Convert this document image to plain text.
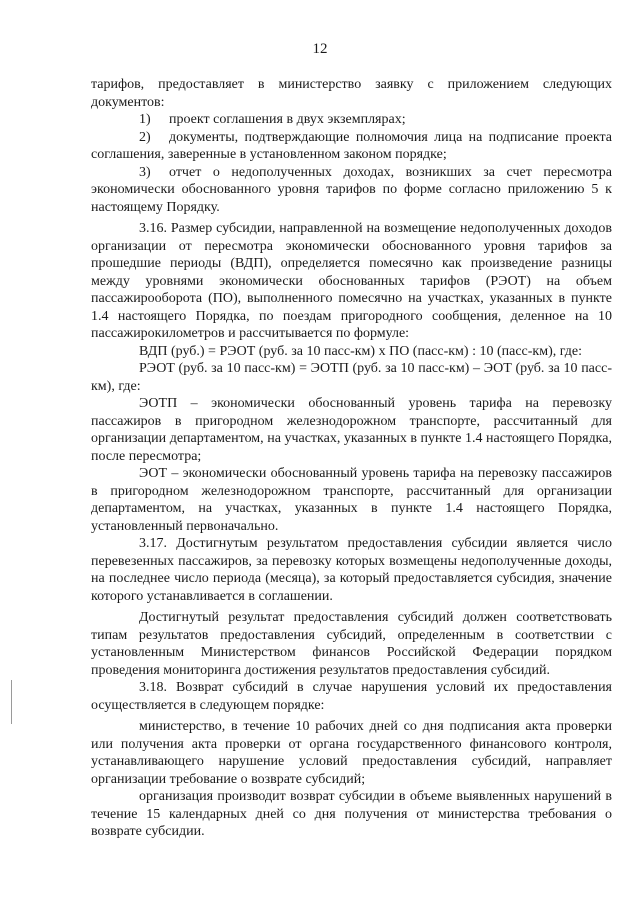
12

тарифов, предоставляет в министерство заявку с приложением следующих документов:

1) проект соглашения в двух экземплярах;

2) документы, подтверждающие полномочия лица на подписание проекта соглашения, заверенные в установленном законом порядке;

3) отчет о недополученных доходах, возникших за счет пересмотра экономически обоснованного уровня тарифов по форме согласно приложению 5 к настоящему Порядку.

3.16. Размер субсидии, направленной на возмещение недополученных доходов организации от пересмотра экономически обоснованного уровня тарифов за прошедшие периоды (ВДП), определяется помесячно как произведение разницы между уровнями экономически обоснованных тарифов (РЭОТ) на объем пассажирооборота (ПО), выполненного помесячно на участках, указанных в пункте 1.4 настоящего Порядка, по поездам пригородного сообщения, деленное на 10 пассажирокилометров и рассчитывается по формуле:

ВДП (руб.) = РЭОТ (руб. за 10 пасс-км) x ПО (пасс-км) : 10 (пасс-км), где:

РЭОТ (руб. за 10 пасс-км) = ЭОТП (руб. за 10 пасс-км) – ЭОТ (руб. за 10 пасс-км), где:

ЭОТП – экономически обоснованный уровень тарифа на перевозку пассажиров в пригородном железнодорожном транспорте, рассчитанный для организации департаментом, на участках, указанных в пункте 1.4 настоящего Порядка, после пересмотра;

ЭОТ – экономически обоснованный уровень тарифа на перевозку пассажиров в пригородном железнодорожном транспорте, рассчитанный для организации департаментом, на участках, указанных в пункте 1.4 настоящего Порядка, установленный первоначально.

3.17. Достигнутым результатом предоставления субсидии является число перевезенных пассажиров, за перевозку которых возмещены недополученные доходы, на последнее число периода (месяца), за который предоставляется субсидия, значение которого устанавливается в соглашении.

Достигнутый результат предоставления субсидий должен соответствовать типам результатов предоставления субсидий, определенным в соответствии с установленным Министерством финансов Российской Федерации порядком проведения мониторинга достижения результатов предоставления субсидий.

3.18. Возврат субсидий в случае нарушения условий их предоставления осуществляется в следующем порядке:

министерство, в течение 10 рабочих дней со дня подписания акта проверки или получения акта проверки от органа государственного финансового контроля, устанавливающего нарушение условий предоставления субсидий, направляет организации требование о возврате субсидий;

организация производит возврат субсидии в объеме выявленных нарушений в течение 15 календарных дней со дня получения от министерства требования о возврате субсидии.
